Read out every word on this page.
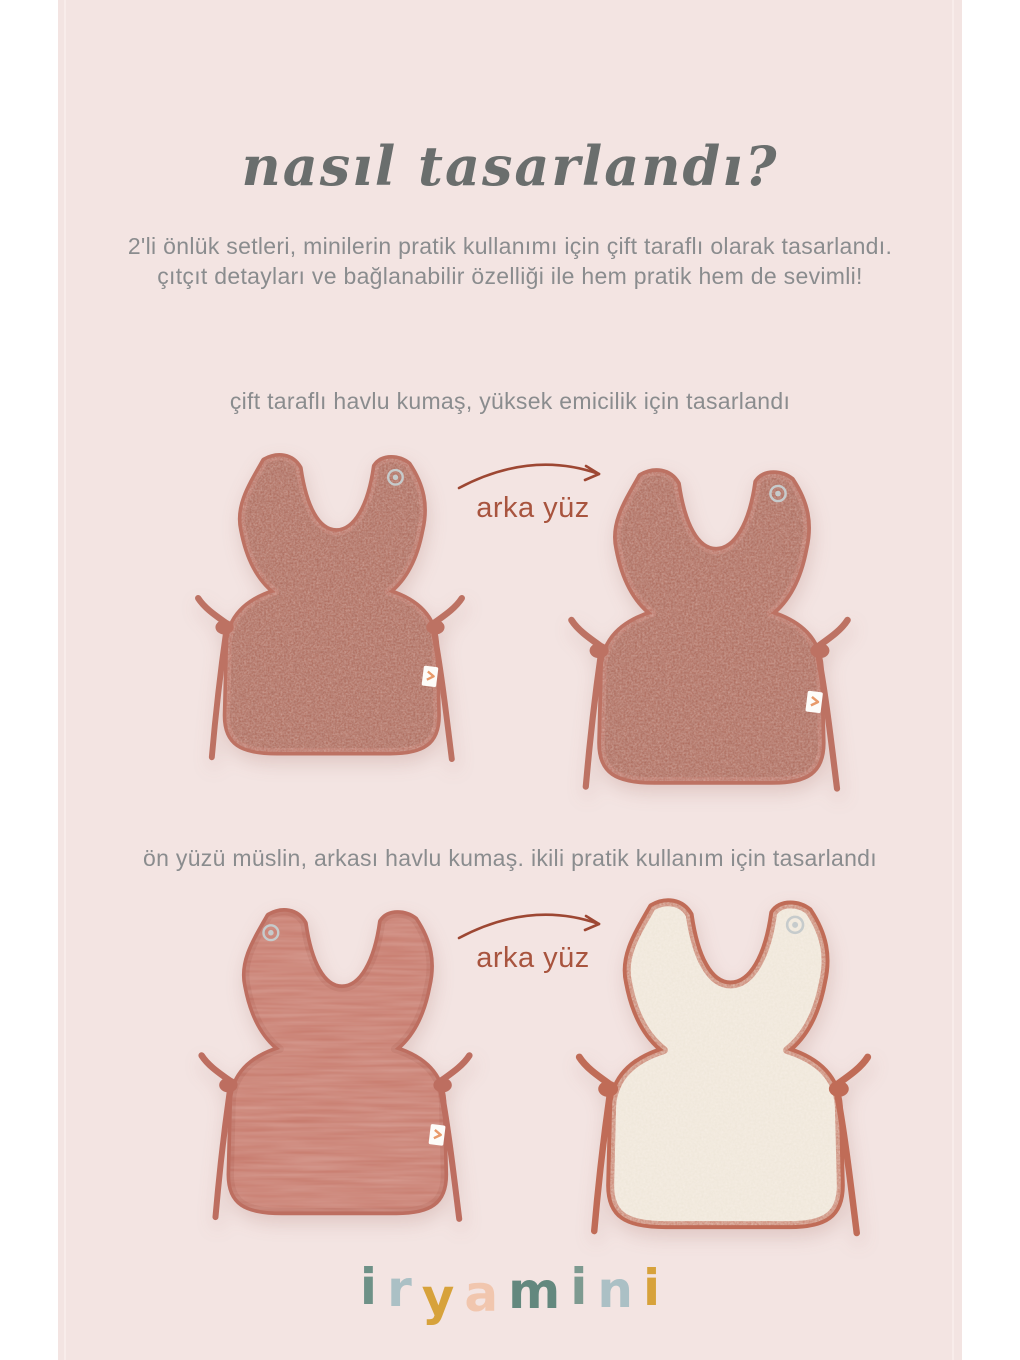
nasıl tasarlandı?
2'li önlük setleri, minilerin pratik kullanımı için çift taraflı olarak tasarlandı.
çıtçıt detayları ve bağlanabilir özelliği ile hem pratik hem de sevimli!
çift taraflı havlu kumaş, yüksek emicilik için tasarlandı
arka yüz
ön yüzü müslin, arkası havlu kumaş. ikili pratik kullanım için tasarlandı
arka yüz
i r y a m i n i
